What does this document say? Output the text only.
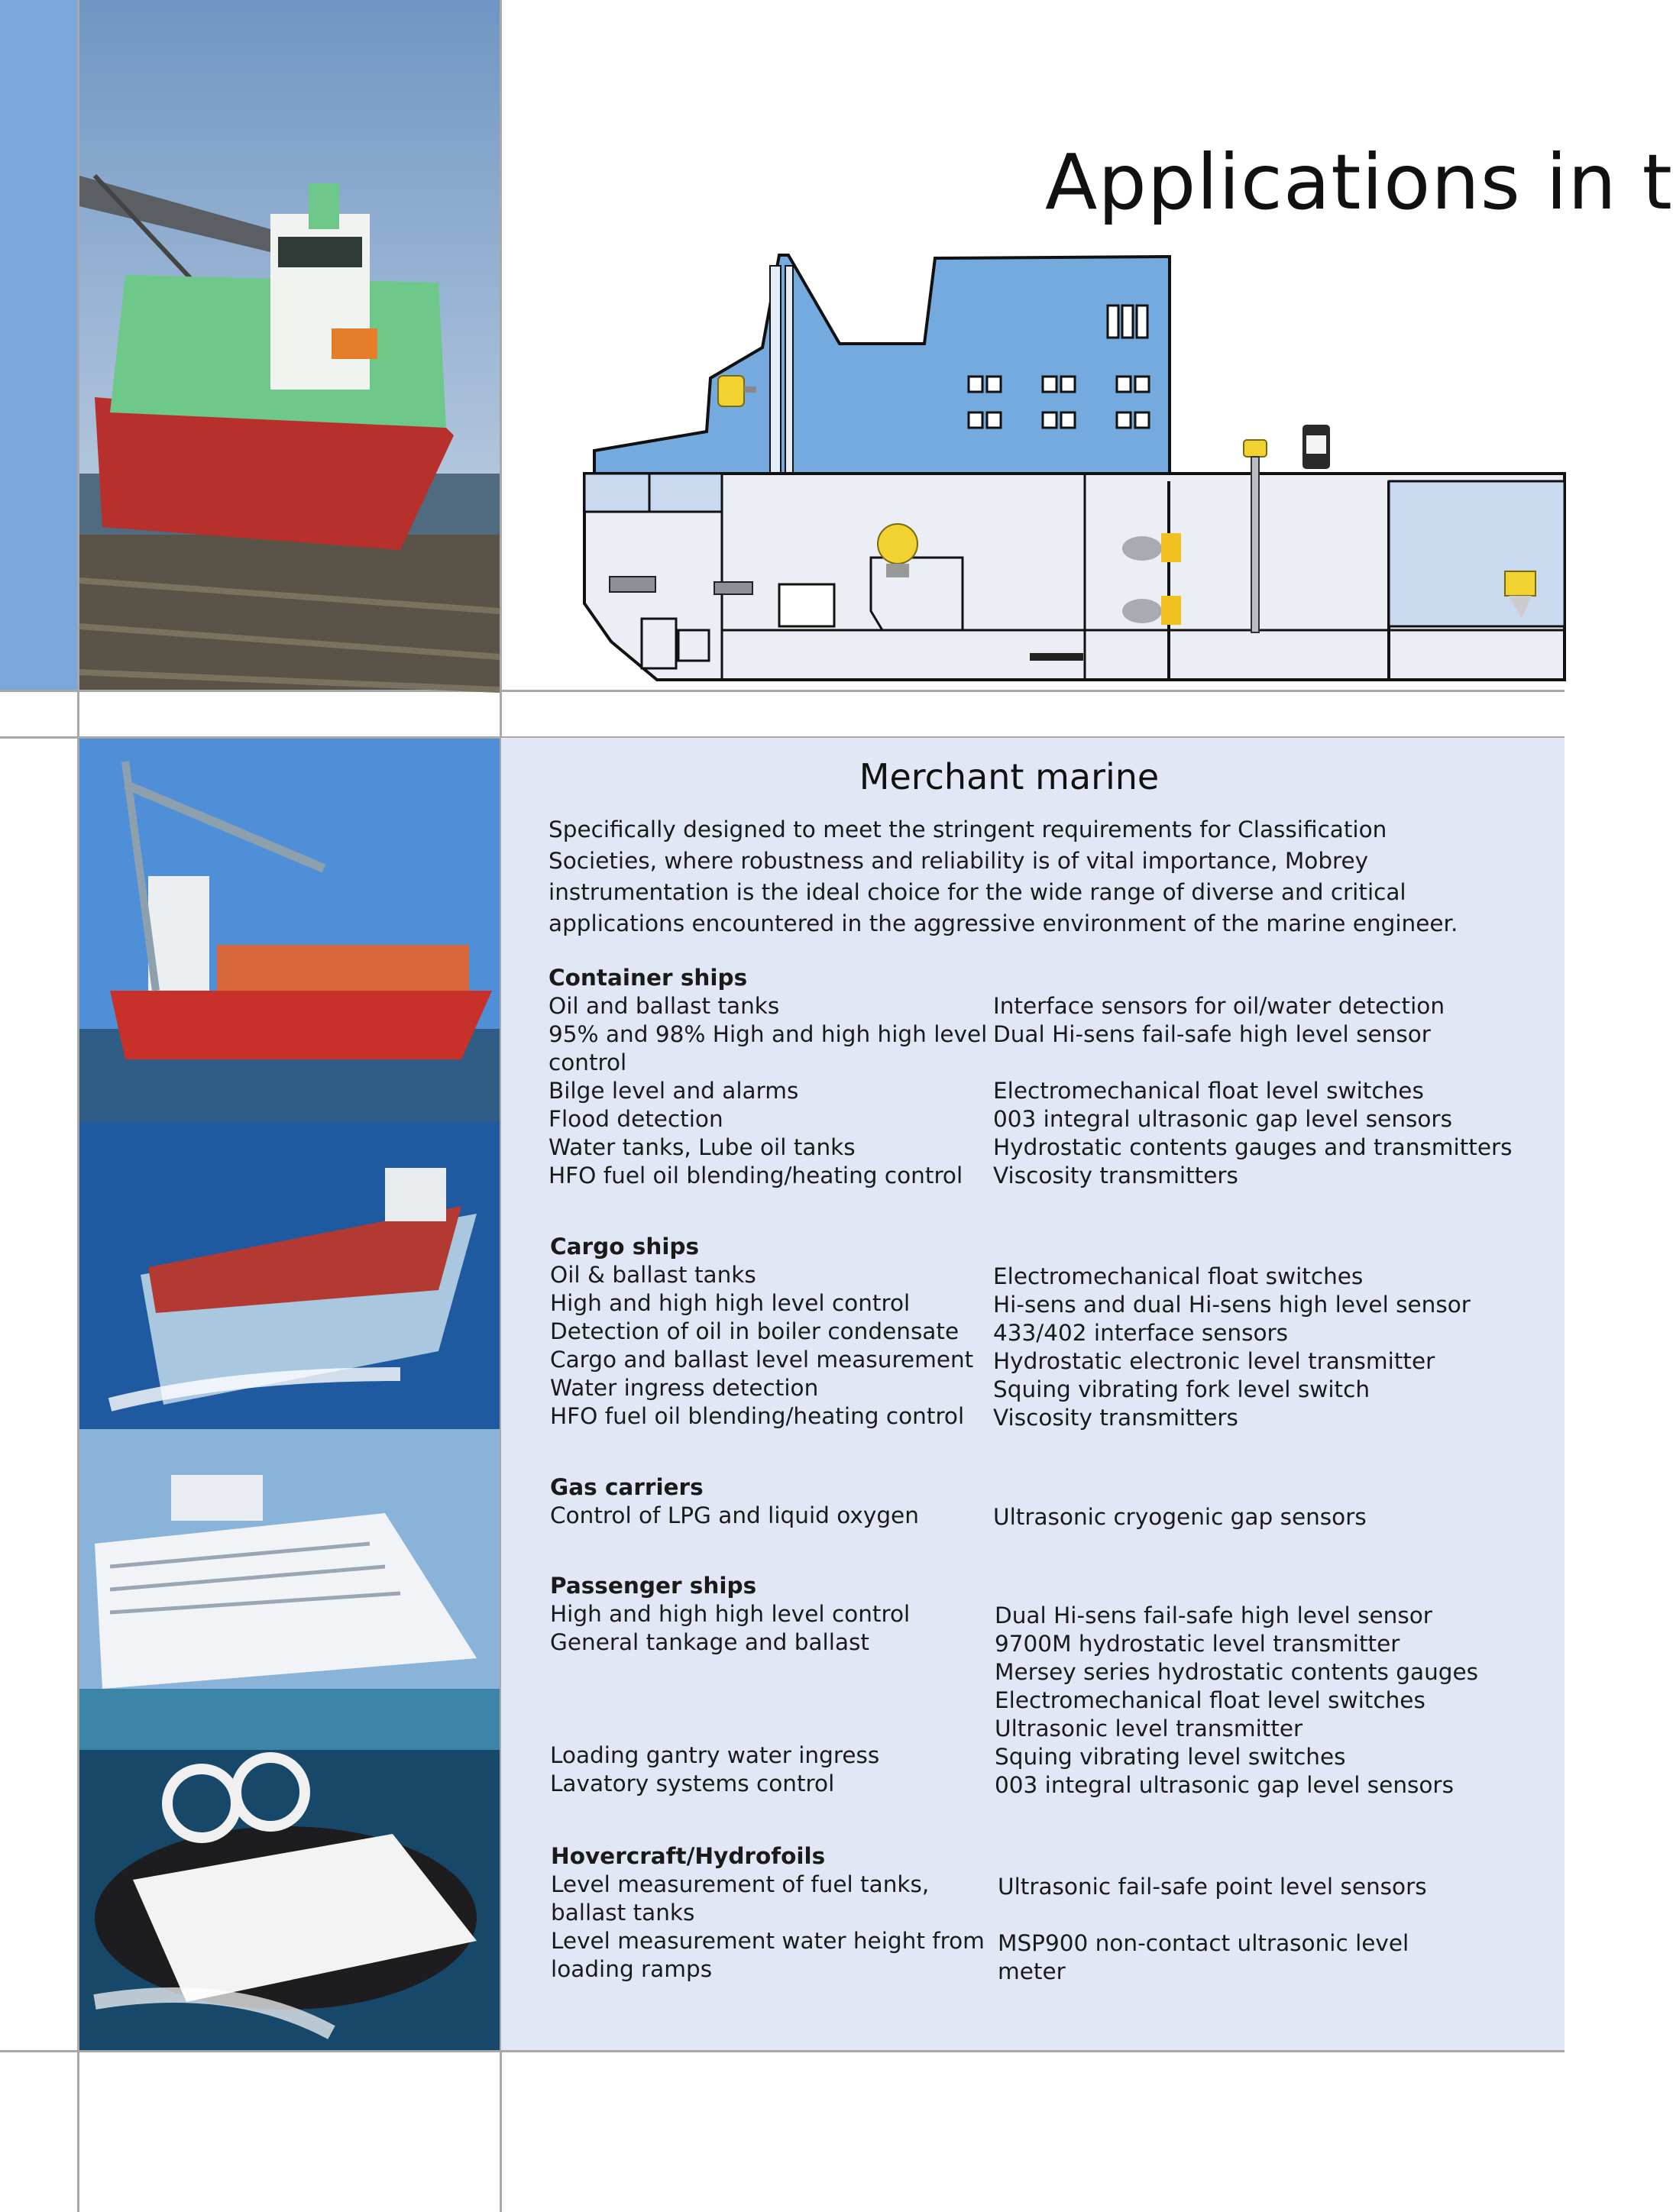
Applications in t
Merchant marine
Specifically designed to meet the stringent requirements for Classification Societies, where robustness and reliability is of vital importance, Mobrey instrumentation is the ideal choice for the wide range of diverse and critical applications encountered in the aggressive environment of the marine engineer.
Container ships
Oil and ballast tanks
95% and 98% High and high high level
control
Bilge level and alarms
Flood detection
Water tanks, Lube oil tanks
HFO fuel oil blending/heating control
Interface sensors for oil/water detection
Dual Hi-sens fail-safe high level sensor
Electromechanical float level switches
003 integral ultrasonic gap level sensors
Hydrostatic contents gauges and transmitters
Viscosity transmitters
Cargo ships
Oil & ballast tanks
High and high high level control
Detection of oil in boiler condensate
Cargo and ballast level measurement
Water ingress detection
HFO fuel oil blending/heating control
Electromechanical float switches
Hi-sens and dual Hi-sens high level sensor
433/402 interface sensors
Hydrostatic electronic level transmitter
Squing vibrating fork level switch
Viscosity transmitters
Gas carriers
Control of LPG and liquid oxygen	Ultrasonic cryogenic gap sensors
Passenger ships
High and high high level control
General tankage and ballast
Loading gantry water ingress
Lavatory systems control
Dual Hi-sens fail-safe high level sensor
9700M hydrostatic level transmitter
Mersey series hydrostatic contents gauges
Electromechanical float level switches
Ultrasonic level transmitter
Squing vibrating level switches
003 integral ultrasonic gap level sensors
Hovercraft/Hydrofoils
Level measurement of fuel tanks,
ballast tanks
Level measurement water height from
loading ramps
Ultrasonic fail-safe point level sensors
MSP900 non-contact ultrasonic level
meter
